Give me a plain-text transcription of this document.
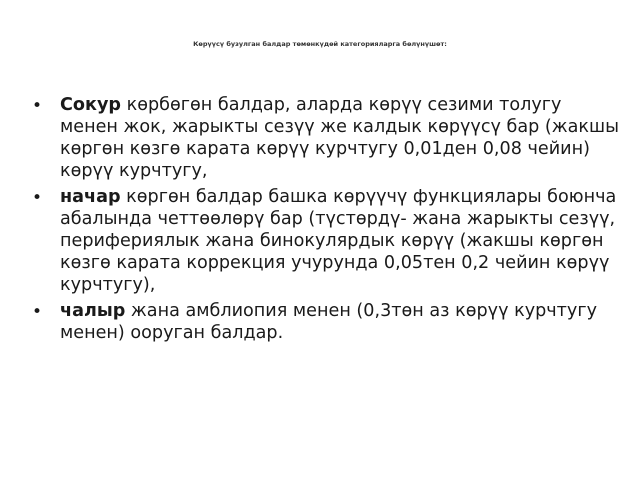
Көрүүсү бузулган балдар төмөнкүдөй категорияларга бөлүнүшөт:
• Сокур көрбөгөн балдар, аларда көрүү сезими толугу менен жок, жарыкты сезүү же калдык көрүүсү бар (жакшы көргөн көзгө карата көрүү курчтугу 0,01ден 0,08 чейин) көрүү курчтугу,
• начар көргөн балдар башка көрүүчү функциялары боюнча абалында четтөөлөрү бар (түстөрдү- жана жарыкты сезүү, перифериялык жана бинокулярдык көрүү (жакшы көргөн көзгө карата коррекция учурунда 0,05тен 0,2 чейин көрүү курчтугу),
• чалыр жана амблиопия менен (0,3төн аз көрүү курчтугу менен) ооруган балдар.
